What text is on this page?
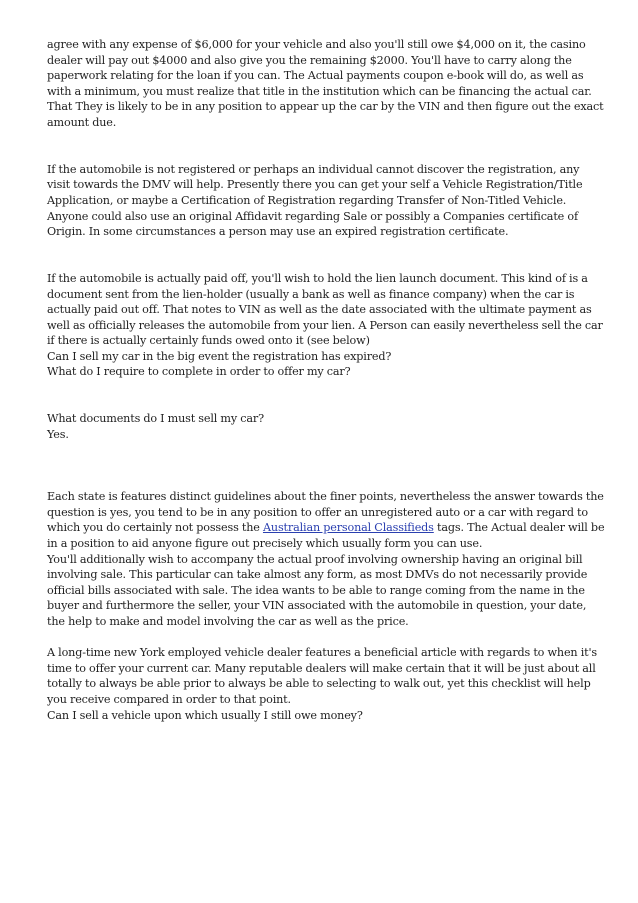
agree with any expense of $6,000 for your vehicle and also you'll still owe $4,000 on it, the casino
dealer will pay out $4000 and also give you the remaining $2000. You'll have to carry along the
paperwork relating for the loan if you can. The Actual payments coupon e-book will do, as well as
with a minimum, you must realize that title in the institution which can be financing the actual car.
That They is likely to be in any position to appear up the car by the VIN and then figure out the exact
amount due.

If the automobile is not registered or perhaps an individual cannot discover the registration, any
visit towards the DMV will help. Presently there you can get your self a Vehicle Registration/Title
Application, or maybe a Certification of Registration regarding Transfer of Non-Titled Vehicle.
Anyone could also use an original Affidavit regarding Sale or possibly a Companies certificate of
Origin. In some circumstances a person may use an expired registration certificate.

If the automobile is actually paid off, you'll wish to hold the lien launch document. This kind of is a
document sent from the lien-holder (usually a bank as well as finance company) when the car is
actually paid out off. That notes to VIN as well as the date associated with the ultimate payment as
well as officially releases the automobile from your lien. A Person can easily nevertheless sell the car
if there is actually certainly funds owed onto it (see below)
Can I sell my car in the big event the registration has expired?
What do I require to complete in order to offer my car?

What documents do I must sell my car?
Yes.

Each state is features distinct guidelines about the finer points, nevertheless the answer towards the
question is yes, you tend to be in any position to offer an unregistered auto or a car with regard to
which you do certainly not possess the Australian personal Classifieds tags. The Actual dealer will be
in a position to aid anyone figure out precisely which usually form you can use.
You'll additionally wish to accompany the actual proof involving ownership having an original bill
involving sale. This particular can take almost any form, as most DMVs do not necessarily provide
official bills associated with sale. The idea wants to be able to range coming from the name in the
buyer and furthermore the seller, your VIN associated with the automobile in question, your date,
the help to make and model involving the car as well as the price.

A long-time new York employed vehicle dealer features a beneficial article with regards to when it's
time to offer your current car. Many reputable dealers will make certain that it will be just about all
totally to always be able prior to always be able to selecting to walk out, yet this checklist will help
you receive compared in order to that point.
Can I sell a vehicle upon which usually I still owe money?
